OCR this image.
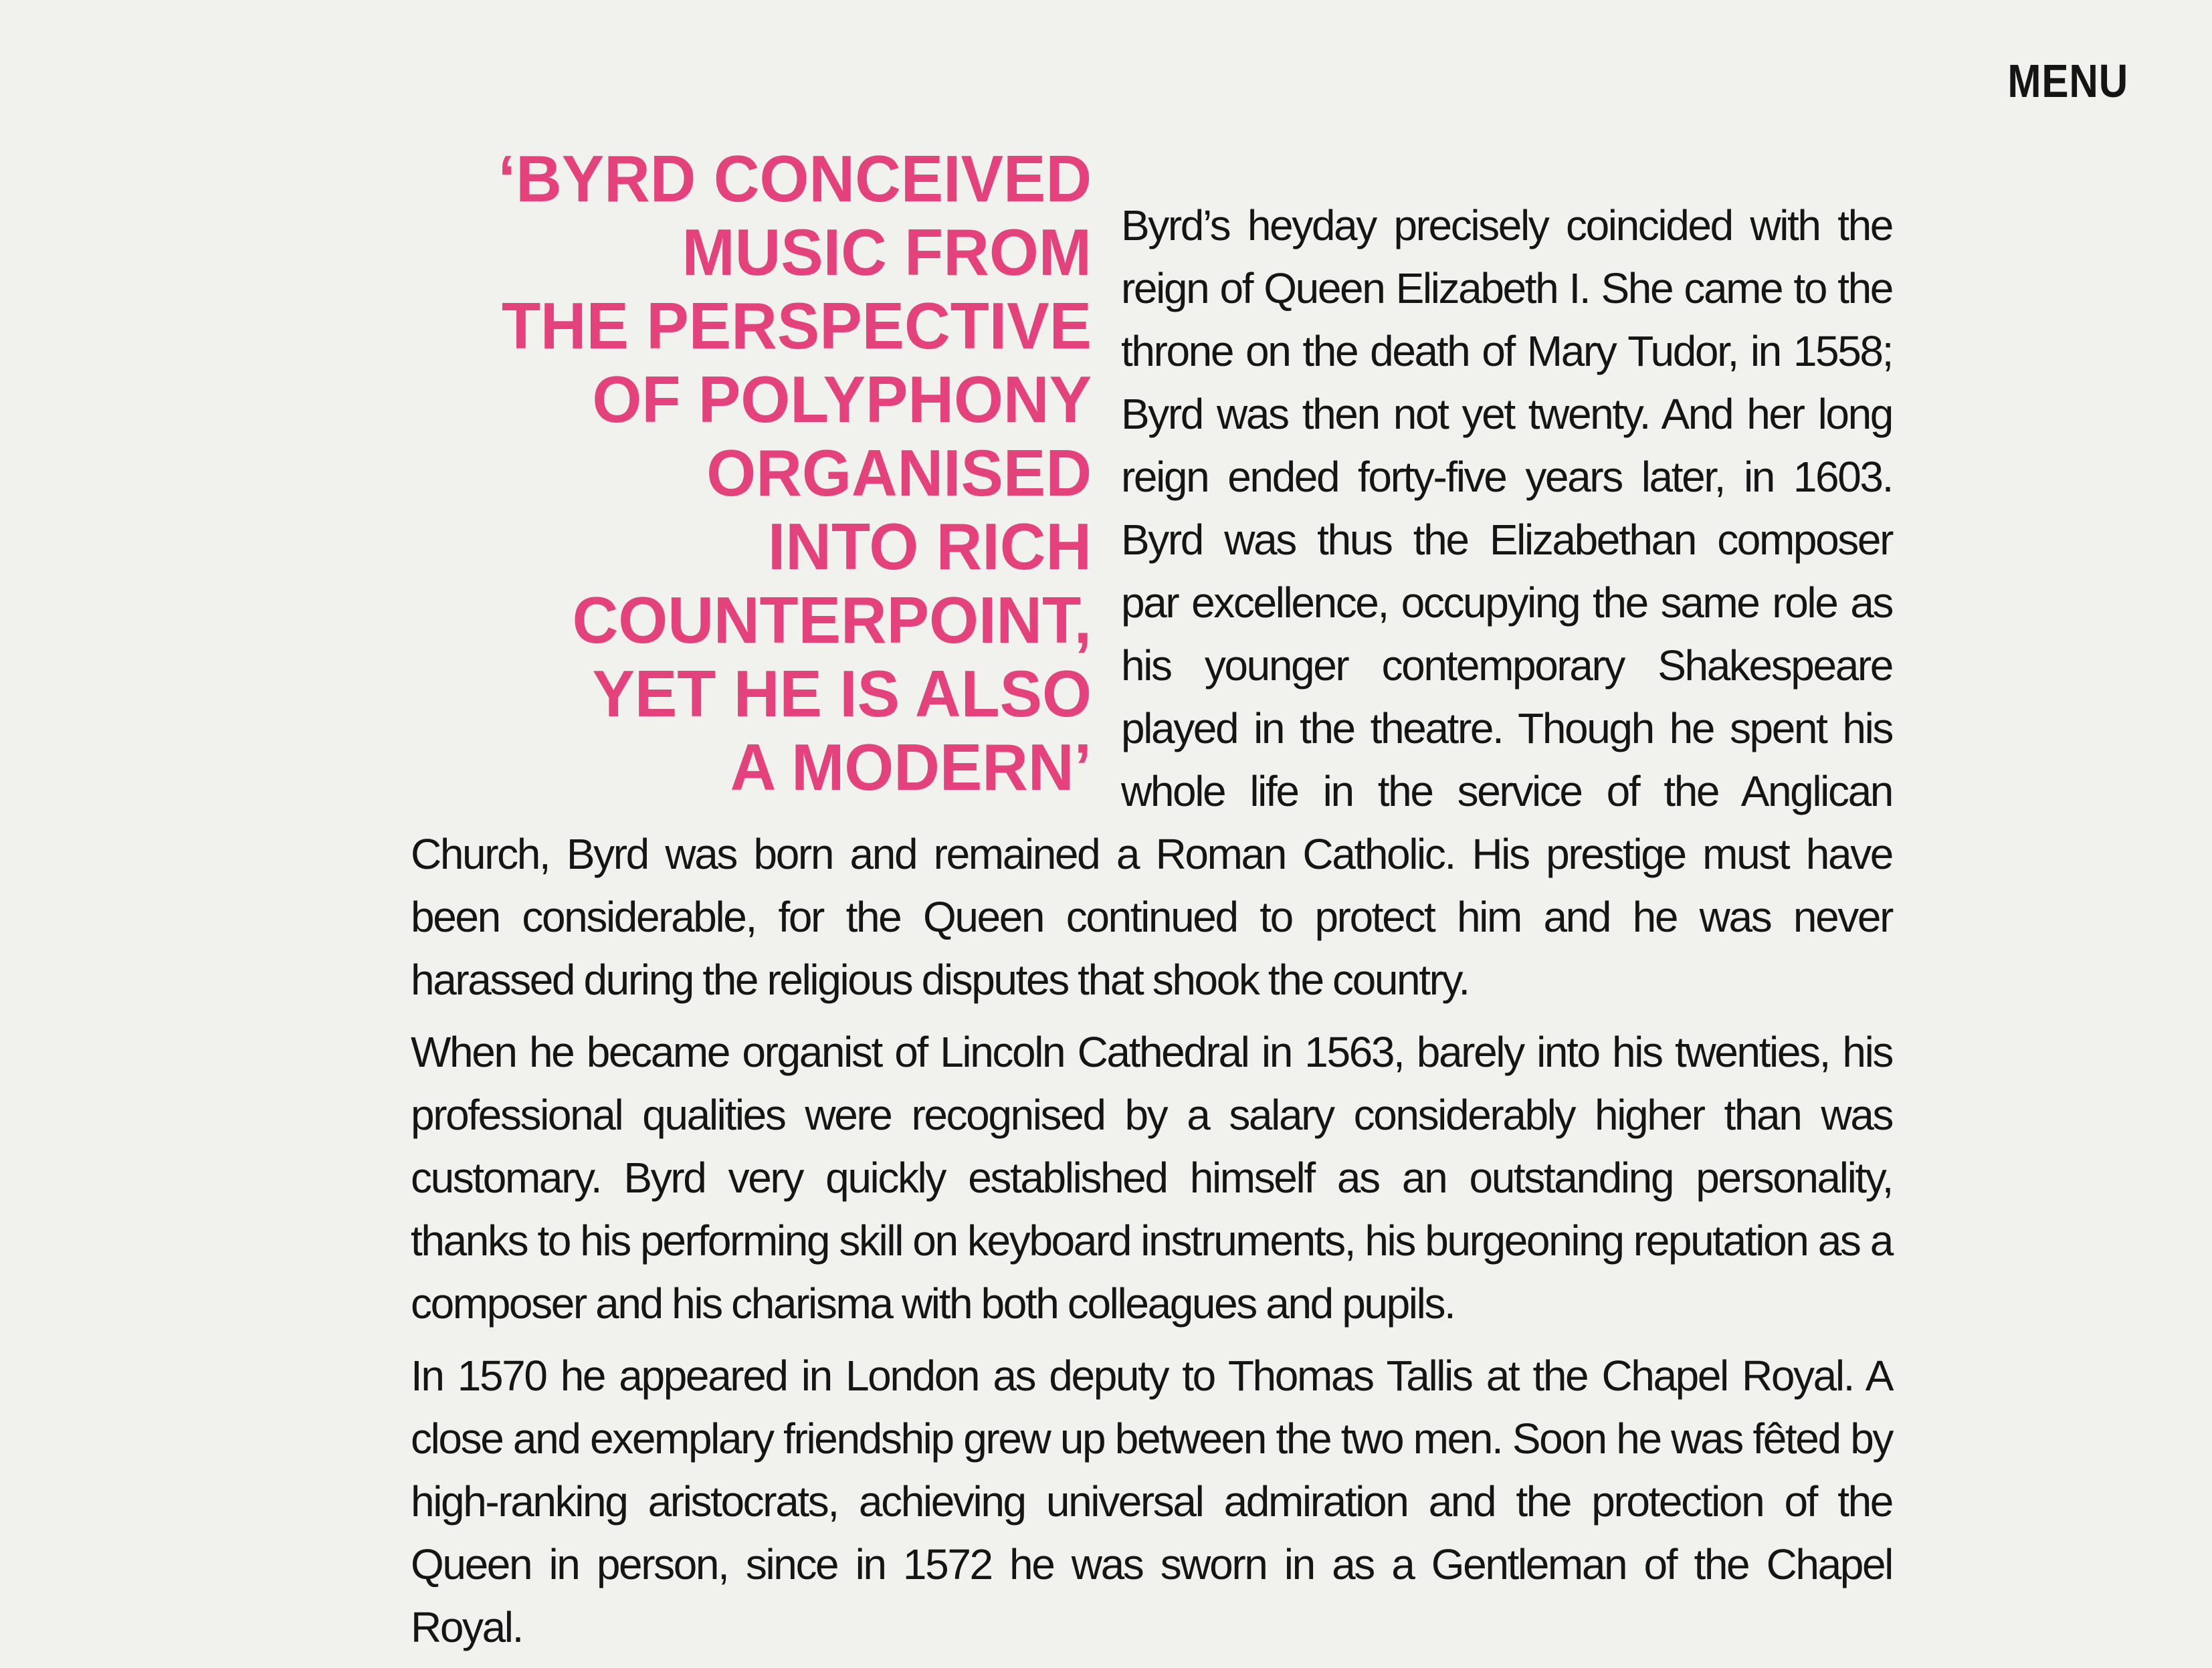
MENU
‘BYRD CONCEIVED
MUSIC FROM
THE PERSPECTIVE
OF POLYPHONY
ORGANISED
INTO RICH
COUNTERPOINT,
YET HE IS ALSO
A MODERN’

Byrd’s heyday precisely coincided with the reign of Queen Elizabeth I. She came to the throne on the death of Mary Tudor, in 1558; Byrd was then not yet twenty. And her long reign ended forty-five years later, in 1603. Byrd was thus the Elizabethan composer par excellence, occupying the same role as his younger contemporary Shakespeare played in the theatre. Though he spent his whole life in the service of the Anglican Church, Byrd was born and remained a Roman Catholic. His prestige must have been considerable, for the Queen continued to protect him and he was never harassed during the religious disputes that shook the country.

When he became organist of Lincoln Cathedral in 1563, barely into his twenties, his professional qualities were recognised by a salary considerably higher than was customary. Byrd very quickly established himself as an outstanding personality, thanks to his performing skill on keyboard instruments, his burgeoning reputation as a composer and his charisma with both colleagues and pupils.

In 1570 he appeared in London as deputy to Thomas Tallis at the Chapel Royal. A close and exemplary friendship grew up between the two men. Soon he was fêted by high-ranking aristocrats, achieving universal admiration and the protection of the Queen in person, since in 1572 he was sworn in as a Gentleman of the Chapel Royal.
